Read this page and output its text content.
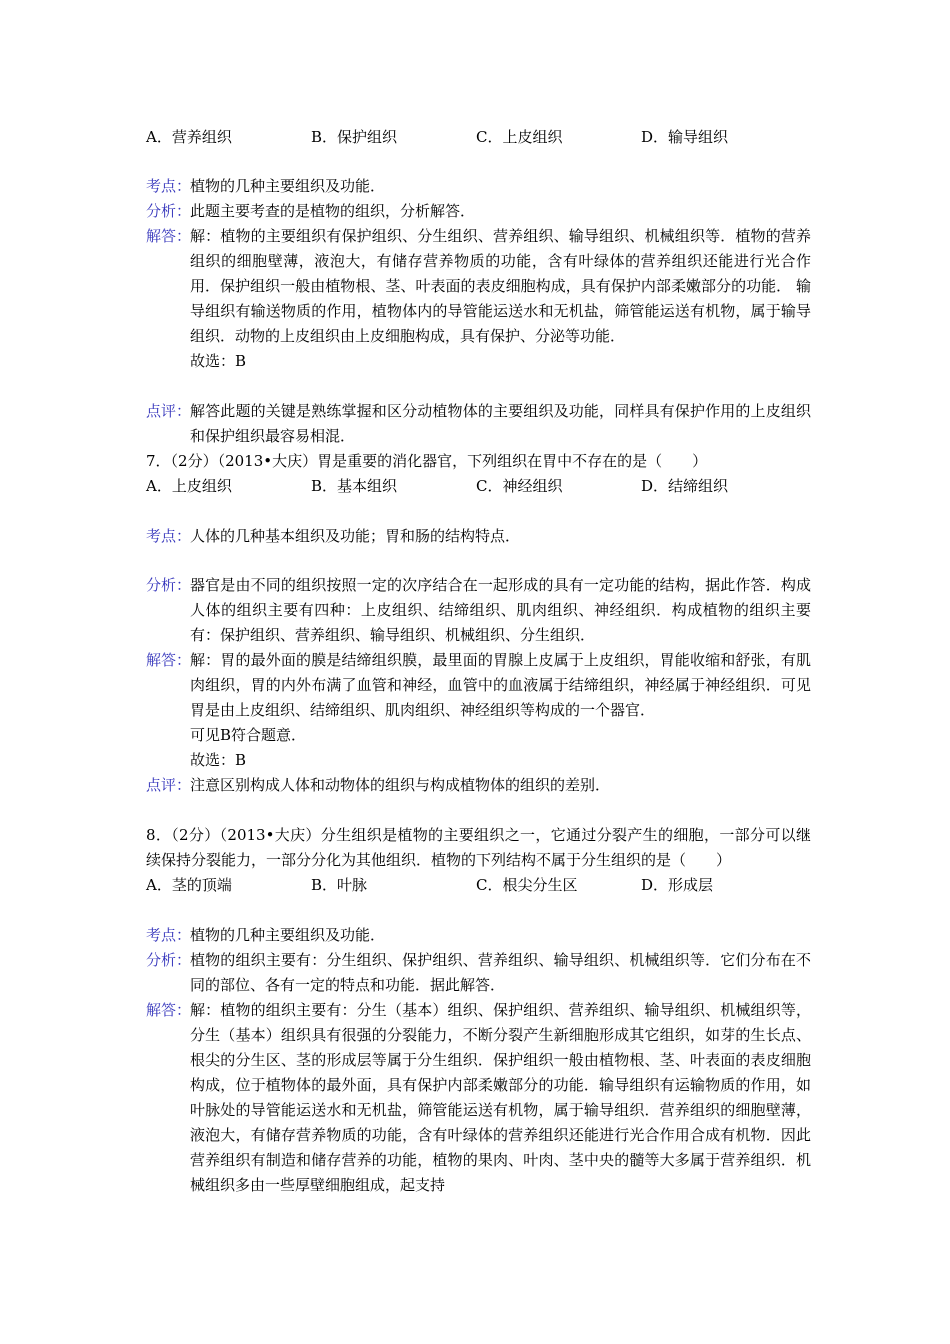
A．营养组织	B．保护组织	C．上皮组织	D．输导组织
考点：

植物的几种主要组织及功能．

分析：

此题主要考查的是植物的组织，分析解答．

解答：

解：植物的主要组织有保护组织、分生组织、营养组织、输导组织、机械组织等．植物的营养组织的细胞壁薄，液泡大，有储存营养物质的功能，含有叶绿体的营养组织还能进行光合作用．保护组织一般由植物根、茎、叶表面的表皮细胞构成，具有保护内部柔嫩部分的功能． 输导组织有输送物质的作用，植物体内的导管能运送水和无机盐，筛管能运送有机物，属于输导组织．动物的上皮组织由上皮细胞构成，具有保护、分泌等功能．

故选：B

点评：

解答此题的关键是熟练掌握和区分动植物体的主要组织及功能，同样具有保护作用的上皮组织和保护组织最容易相混．

7．（2分）（2013•大庆）胃是重要的消化器官，下列组织在胃中不存在的是（　　）

A．上皮组织	B．基本组织	C．神经组织	D．结缔组织
考点：

人体的几种基本组织及功能；胃和肠的结构特点．

分析：

器官是由不同的组织按照一定的次序结合在一起形成的具有一定功能的结构，据此作答．构成人体的组织主要有四种：上皮组织、结缔组织、肌肉组织、神经组织．构成植物的组织主要有：保护组织、营养组织、输导组织、机械组织、分生组织．

解答：

解：胃的最外面的膜是结缔组织膜，最里面的胃腺上皮属于上皮组织，胃能收缩和舒张，有肌肉组织，胃的内外布满了血管和神经，血管中的血液属于结缔组织，神经属于神经组织．可见胃是由上皮组织、结缔组织、肌肉组织、神经组织等构成的一个器官．

可见B符合题意．

故选：B

点评：

注意区别构成人体和动物体的组织与构成植物体的组织的差别．

8．（2分）（2013•大庆）分生组织是植物的主要组织之一，它通过分裂产生的细胞，一部分可以继续保持分裂能力，一部分分化为其他组织．植物的下列结构不属于分生组织的是（　　）

A．茎的顶端	B．叶脉	C．根尖分生区	D．形成层
考点：

植物的几种主要组织及功能．

分析：

植物的组织主要有：分生组织、保护组织、营养组织、输导组织、机械组织等．它们分布在不同的部位、各有一定的特点和功能．据此解答．

解答：

解：植物的组织主要有：分生（基本）组织、保护组织、营养组织、输导组织、机械组织等，分生（基本）组织具有很强的分裂能力，不断分裂产生新细胞形成其它组织，如芽的生长点、根尖的分生区、茎的形成层等属于分生组织．保护组织一般由植物根、茎、叶表面的表皮细胞构成，位于植物体的最外面，具有保护内部柔嫩部分的功能．输导组织有运输物质的作用，如叶脉处的导管能运送水和无机盐，筛管能运送有机物，属于输导组织．营养组织的细胞壁薄，液泡大，有储存营养物质的功能，含有叶绿体的营养组织还能进行光合作用合成有机物．因此营养组织有制造和储存营养的功能，植物的果肉、叶肉、茎中央的髓等大多属于营养组织．机械组织多由一些厚壁细胞组成，起支持
